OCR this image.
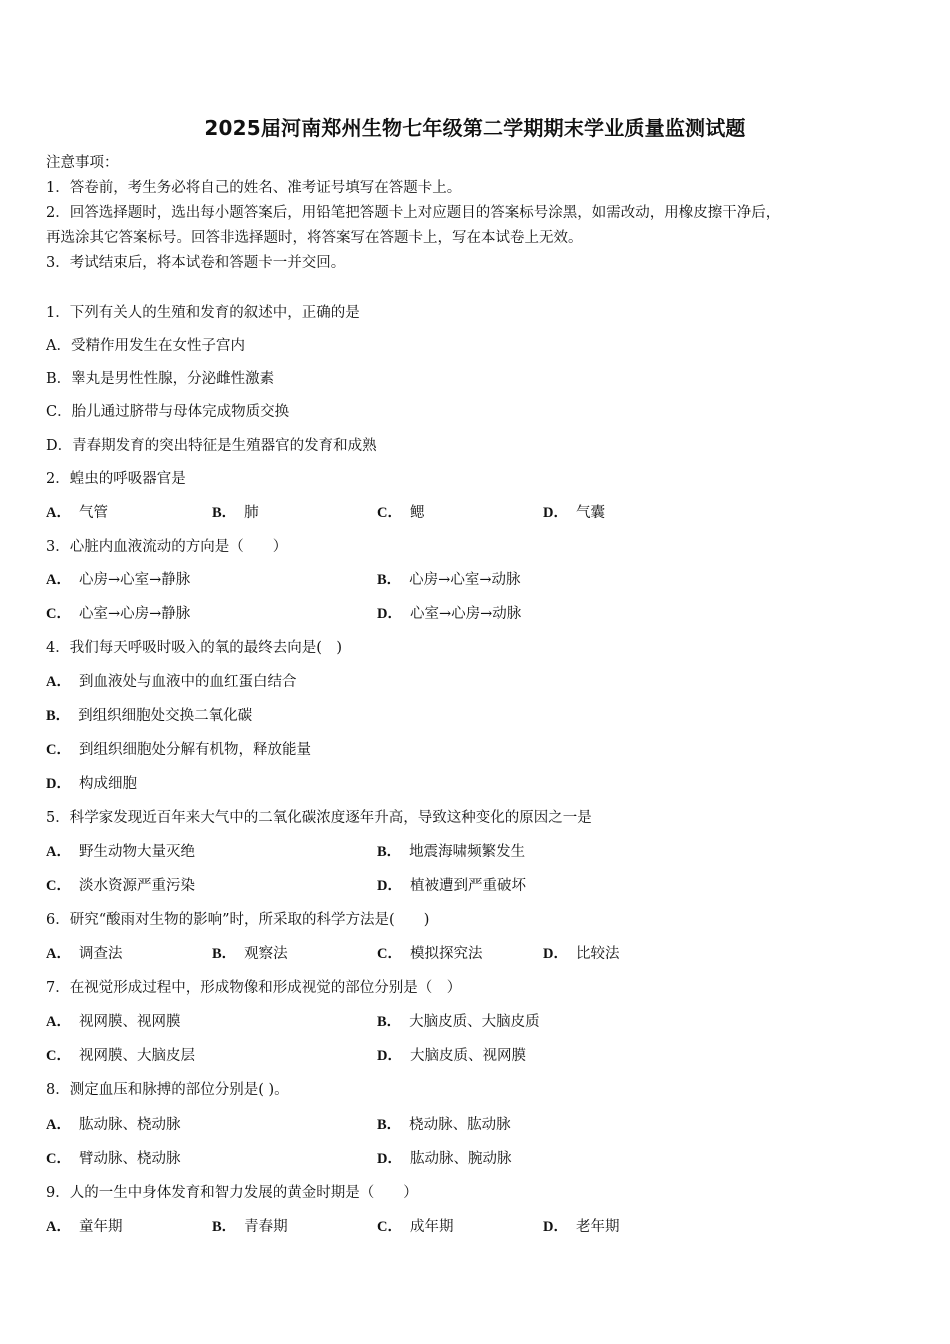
2025届河南郑州生物七年级第二学期期末学业质量监测试题
注意事项：
1．答卷前，考生务必将自己的姓名、准考证号填写在答题卡上。
2．回答选择题时，选出每小题答案后，用铅笔把答题卡上对应题目的答案标号涂黑，如需改动，用橡皮擦干净后，
再选涂其它答案标号。回答非选择题时，将答案写在答题卡上，写在本试卷上无效。
3．考试结束后，将本试卷和答题卡一并交回。
1．下列有关人的生殖和发育的叙述中，正确的是
A．受精作用发生在女性子宫内
B．睾丸是男性性腺，分泌雌性激素
C．胎儿通过脐带与母体完成物质交换
D．青春期发育的突出特征是生殖器官的发育和成熟
2．蝗虫的呼吸器官是
A． 气管	B． 肺	C． 鳃	D． 气囊
3．心脏内血液流动的方向是（　　）
A． 心房→心室→静脉	B． 心房→心室→动脉
C． 心室→心房→静脉	D． 心室→心房→动脉
4．我们每天呼吸时吸入的氧的最终去向是(　)
A． 到血液处与血液中的血红蛋白结合
B． 到组织细胞处交换二氧化碳
C． 到组织细胞处分解有机物，释放能量
D． 构成细胞
5．科学家发现近百年来大气中的二氧化碳浓度逐年升高，导致这种变化的原因之一是
A． 野生动物大量灭绝	B． 地震海啸频繁发生
C． 淡水资源严重污染	D． 植被遭到严重破坏
6．研究“酸雨对生物的影响”时，所采取的科学方法是(　　)
A． 调查法	B． 观察法	C． 模拟探究法	D． 比较法
7．在视觉形成过程中，形成物像和形成视觉的部位分别是（　）
A． 视网膜、视网膜	B． 大脑皮质、大脑皮质
C． 视网膜、大脑皮层	D． 大脑皮质、视网膜
8．测定血压和脉搏的部位分别是( )。
A． 肱动脉、桡动脉	B． 桡动脉、肱动脉
C． 臂动脉、桡动脉	D． 肱动脉、腕动脉
9．人的一生中身体发育和智力发展的黄金时期是（　　）
A． 童年期	B． 青春期	C． 成年期	D． 老年期
